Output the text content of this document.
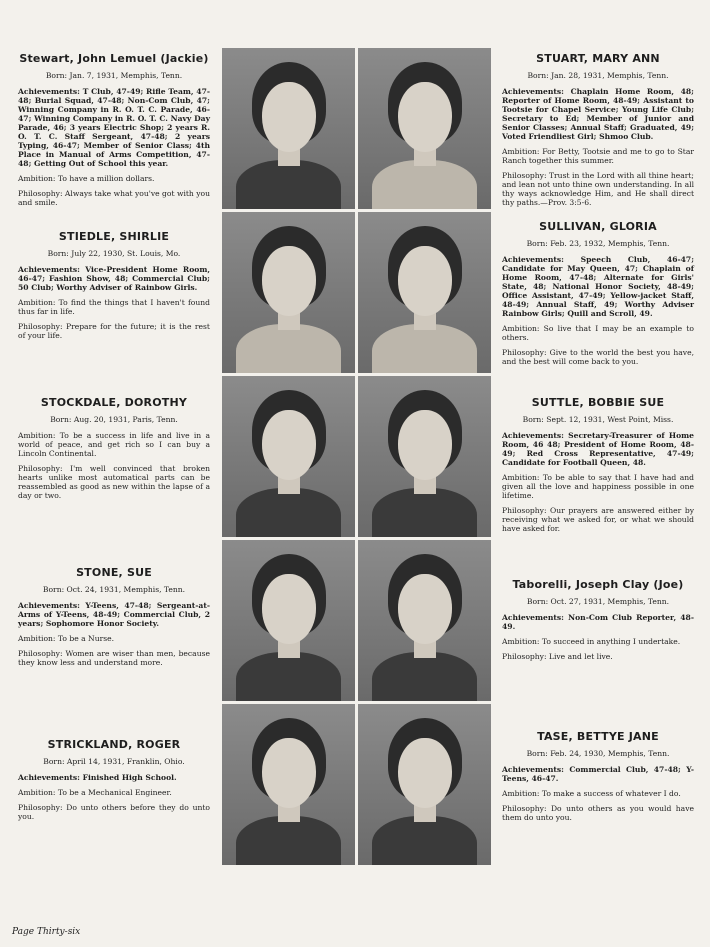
Stewart, John Lemuel (Jackie)
Born: Jan. 7, 1931, Memphis, Tenn.

Achievements: T Club, 47-49; Rifle Team, 47-48; Burial Squad, 47-48; Non-Com Club, 47; Winning Company in R. O. T. C. Parade, 46-47; Winning Company in R. O. T. C. Navy Day Parade, 46; 3 years Electric Shop; 2 years R. O. T. C. Staff Sergeant, 47-48; 2 years Typing, 46-47; Member of Senior Class; 4th Place in Manual of Arms Competition, 47-48; Getting Out of School this year.

Ambition: To have a million dollars.

Philosophy: Always take what you've got with you and smile.

STUART, MARY ANN
Born: Jan. 28, 1931, Memphis, Tenn.

Achievements: Chaplain Home Room, 48; Reporter of Home Room, 48-49; Assistant to Tootsie for Chapel Service; Young Life Club; Secretary to Ed; Member of Junior and Senior Classes; Annual Staff; Graduated, 49; Voted Friendliest Girl; Shmoo Club.

Ambition: For Betty, Tootsie and me to go to Star Ranch together this summer.

Philosophy: Trust in the Lord with all thine heart; and lean not unto thine own understanding. In all thy ways acknowledge Him, and He shall direct thy paths.—Prov. 3:5-6.

STIEDLE, SHIRLIE
Born: July 22, 1930, St. Louis, Mo.

Achievements: Vice-President Home Room, 46-47; Fashion Show, 48; Commercial Club; 50 Club; Worthy Adviser of Rainbow Girls.

Ambition: To find the things that I haven't found thus far in life.

Philosophy: Prepare for the future; it is the rest of your life.

SULLIVAN, GLORIA
Born: Feb. 23, 1932, Memphis, Tenn.

Achievements: Speech Club, 46-47; Candidate for May Queen, 47; Chaplain of Home Room, 47-48; Alternate for Girls' State, 48; National Honor Society, 48-49; Office Assistant, 47-49; Yellow-jacket Staff, 48-49; Annual Staff, 49; Worthy Adviser Rainbow Girls; Quill and Scroll, 49.

Ambition: So live that I may be an example to others.

Philosophy: Give to the world the best you have, and the best will come back to you.

STOCKDALE, DOROTHY
Born: Aug. 20, 1931, Paris, Tenn.

Ambition: To be a success in life and live in a world of peace, and get rich so I can buy a Lincoln Continental.

Philosophy: I'm well convinced that broken hearts unlike most automatical parts can be reassembled as good as new within the lapse of a day or two.

SUTTLE, BOBBIE SUE
Born: Sept. 12, 1931, West Point, Miss.

Achievements: Secretary-Treasurer of Home Room, 46 48; President of Home Room, 48-49; Red Cross Representative, 47-49; Candidate for Football Queen, 48.

Ambition: To be able to say that I have had and given all the love and happiness possible in one lifetime.

Philosophy: Our prayers are answered either by receiving what we asked for, or what we should have asked for.

STONE, SUE
Born: Oct. 24, 1931, Memphis, Tenn.

Achievements: Y-Teens, 47-48; Sergeant-at-Arms of Y-Teens, 48-49; Commercial Club, 2 years; Sophomore Honor Society.

Ambition: To be a Nurse.

Philosophy: Women are wiser than men, because they know less and understand more.

Taborelli, Joseph Clay (Joe)
Born: Oct. 27, 1931, Memphis, Tenn.

Achievements: Non-Com Club Reporter, 48-49.

Ambition: To succeed in anything I undertake.

Philosophy: Live and let live.

STRICKLAND, ROGER
Born: April 14, 1931, Franklin, Ohio.

Achievements: Finished High School.

Ambition: To be a Mechanical Engineer.

Philosophy: Do unto others before they do unto you.

TASE, BETTYE JANE
Born: Feb. 24, 1930, Memphis, Tenn.

Achievements: Commercial Club, 47-48; Y-Teens, 46-47.

Ambition: To make a success of whatever I do.

Philosophy: Do unto others as you would have them do unto you.

Page Thirty-six
